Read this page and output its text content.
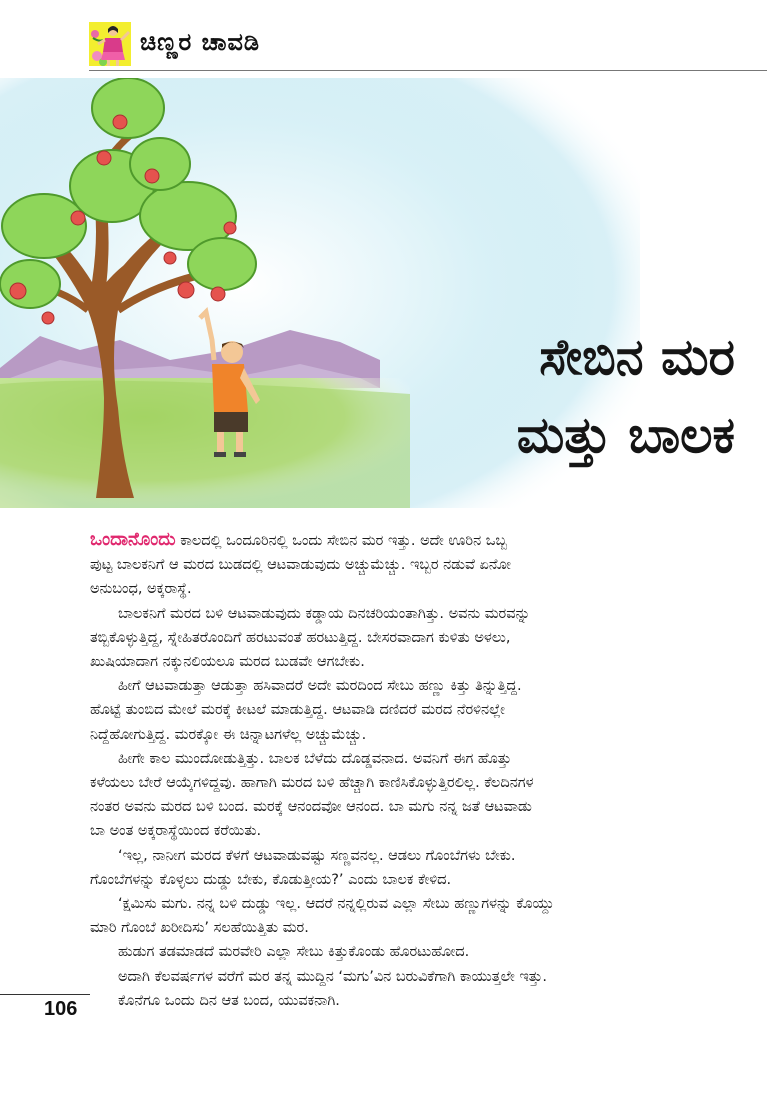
ಚಿಣ್ಣರ ಚಾವಡಿ
ಸೇಬಿನ ಮರ
ಮತ್ತು ಬಾಲಕ

ಒಂದಾನೊಂದು ಕಾಲದಲ್ಲಿ ಒಂದೂರಿನಲ್ಲಿ ಒಂದು ಸೇಬಿನ ಮರ ಇತ್ತು. ಅದೇ ಊರಿನ ಒಬ್ಬ

ಪುಟ್ಟ ಬಾಲಕನಿಗೆ ಆ ಮರದ ಬುಡದಲ್ಲಿ ಆಟವಾಡುವುದು ಅಚ್ಚುಮೆಚ್ಚು. ಇಬ್ಬರ ನಡುವೆ ಏನೋ

ಅನುಬಂಧ, ಅಕ್ಕರಾಸ್ಥೆ.

ಬಾಲಕನಿಗೆ ಮರದ ಬಳಿ ಆಟವಾಡುವುದು ಕಡ್ಡಾಯ ದಿನಚರಿಯಂತಾಗಿತ್ತು. ಅವನು ಮರವನ್ನು

ತಬ್ಬಿಕೊಳ್ಳುತ್ತಿದ್ದ, ಸ್ನೇಹಿತರೊಂದಿಗೆ ಹರಟುವಂತೆ ಹರಟುತ್ತಿದ್ದ. ಬೇಸರವಾದಾಗ ಕುಳಿತು ಅಳಲು,

ಖುಷಿಯಾದಾಗ ನಕ್ಕುನಲಿಯಲೂ ಮರದ ಬುಡವೇ ಆಗಬೇಕು.

ಹೀಗೆ ಆಟವಾಡುತ್ತಾ ಆಡುತ್ತಾ ಹಸಿವಾದರೆ ಅದೇ ಮರದಿಂದ ಸೇಬು ಹಣ್ಣು ಕಿತ್ತು ತಿನ್ನುತ್ತಿದ್ದ.

ಹೊಟ್ಟೆ ತುಂಬಿದ ಮೇಲೆ ಮರಕ್ಕೆ ಕೀಟಲೆ ಮಾಡುತ್ತಿದ್ದ. ಆಟವಾಡಿ ದಣಿದರೆ ಮರದ ನೆರಳಿನಲ್ಲೇ

ನಿದ್ದೆಹೋಗುತ್ತಿದ್ದ. ಮರಕ್ಕೋ ಈ ಚಿನ್ನಾಟಗಳೆಲ್ಲ ಅಚ್ಚುಮೆಚ್ಚು.

ಹೀಗೇ ಕಾಲ ಮುಂದೋಡುತ್ತಿತ್ತು. ಬಾಲಕ ಬೆಳೆದು ದೊಡ್ಡವನಾದ. ಅವನಿಗೆ ಈಗ ಹೊತ್ತು

ಕಳೆಯಲು ಬೇರೆ ಆಯ್ಕೆಗಳಿದ್ದವು. ಹಾಗಾಗಿ ಮರದ ಬಳಿ ಹೆಚ್ಚಾಗಿ ಕಾಣಿಸಿಕೊಳ್ಳುತ್ತಿರಲಿಲ್ಲ. ಕೆಲದಿನಗಳ

ನಂತರ ಅವನು ಮರದ ಬಳಿ ಬಂದ. ಮರಕ್ಕೆ ಆನಂದವೋ ಆನಂದ. ಬಾ ಮಗು ನನ್ನ ಜತೆ ಆಟವಾಡು

ಬಾ ಅಂತ ಅಕ್ಕರಾಸ್ಥೆಯಿಂದ ಕರೆಯಿತು.

‘ಇಲ್ಲ, ನಾನೀಗ ಮರದ ಕೆಳಗೆ ಆಟವಾಡುವಷ್ಟು ಸಣ್ಣವನಲ್ಲ. ಆಡಲು ಗೊಂಬೆಗಳು ಬೇಕು.

ಗೊಂಬೆಗಳನ್ನು ಕೊಳ್ಳಲು ದುಡ್ಡು ಬೇಕು, ಕೊಡುತ್ತೀಯ?’ ಎಂದು ಬಾಲಕ ಕೇಳಿದ.

‘ಕ್ಷಮಿಸು ಮಗು. ನನ್ನ ಬಳಿ ದುಡ್ಡು ಇಲ್ಲ. ಆದರೆ ನನ್ನಲ್ಲಿರುವ ಎಲ್ಲಾ ಸೇಬು ಹಣ್ಣುಗಳನ್ನು ಕೊಯ್ದು

ಮಾರಿ ಗೊಂಬೆ ಖರೀದಿಸು’ ಸಲಹೆಯಿತ್ತಿತು ಮರ.

ಹುಡುಗ ತಡಮಾಡದೆ ಮರವೇರಿ ಎಲ್ಲಾ ಸೇಬು ಕಿತ್ತುಕೊಂಡು ಹೊರಟುಹೋದ.

ಅದಾಗಿ ಕೆಲವರ್ಷಗಳ ವರೆಗೆ ಮರ ತನ್ನ ಮುದ್ದಿನ ‘ಮಗು’ವಿನ ಬರುವಿಕೆಗಾಗಿ ಕಾಯುತ್ತಲೇ ಇತ್ತು.

ಕೊನೆಗೂ ಒಂದು ದಿನ ಆತ ಬಂದ, ಯುವಕನಾಗಿ.

106
